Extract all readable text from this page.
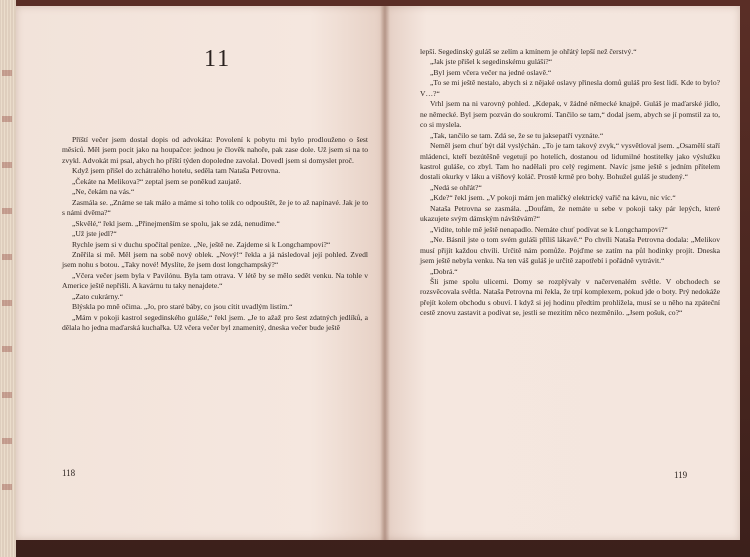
11

Příští večer jsem dostal dopis od advokáta: Povolení k pobytu mi bylo prodlouženo o šest měsíců. Měl jsem pocit jako na houpačce: jednou je člověk nahoře, pak zase dole. Už jsem si na to zvykl. Advokát mi psal, abych ho příští týden dopoledne zavolal. Dovedl jsem si domyslet proč.

Když jsem přišel do zchátralého hotelu, seděla tam Nataša Petrovna.

„Čekáte na Melikova?“ zeptal jsem se poněkud zaujatě.

„Ne, čekám na vás.“

Zasmála se. „Známe se tak málo a máme si toho tolik co odpouštět, že je to až napínavé. Jak je to s námi dvěma?“

„Skvělé,“ řekl jsem. „Přinejmenším se spolu, jak se zdá, nenudíme.“

„Už jste jedl?“

Rychle jsem si v duchu spočítal peníze. „Ne, ještě ne. Zajdeme si k Longchampovi?“

Zněřila si mě. Měl jsem na sobě nový oblek. „Nový!“ řekla a já následoval její pohled. Zvedl jsem nohu s botou. „Taky nové! Myslíte, že jsem dost longchampský?“

„Včera večer jsem byla v Pavilónu. Byla tam otrava. V létě by se mělo sedět venku. Na tohle v Americe ještě nepřišli. A kavárnu tu taky nenajdete.“

„Zato cukrárny.“

Blýskla po mně očima. „Jo, pro staré báby, co jsou cítit uvadlým listím.“

„Mám v pokoji kastrol segedinského guláše,“ řekl jsem. „Je to ažaž pro šest zdatných jedlíků, a dělala ho jedna maďarská kuchařka. Už včera večer byl znamenitý, dneska večer bude ještě

118

lepší. Segedinský guláš se zelím a kmínem je ohřátý lepší než čerstvý.“

„Jak jste přišel k segedinskému guláši?“

„Byl jsem včera večer na jedné oslavě.“

„To se mi ještě nestalo, abych si z nějaké oslavy přinesla domů guláš pro šest lidí. Kde to bylo? V…?“

Vrhl jsem na ni varovný pohled. „Kdepak, v žádné německé knajpě. Guláš je maďarské jídlo, ne německé. Byl jsem pozván do soukromí. Tančilo se tam,“ dodal jsem, abych se jí pomstil za to, co si myslela.

„Tak, tančilo se tam. Zdá se, že se tu jaksepatří vyznáte.“

Neměl jsem chuť být dál vyslýchán. „To je tam takový zvyk,“ vysvětloval jsem. „Osamělí staří mládenci, kteří bezútěšně vegetují po hotelích, dostanou od lidumilné hostitelky jako výslužku kastrol guláše, co zbyl. Tam ho nadělali pro celý regiment. Navíc jsme ještě s jedním přítelem dostali okurky v láku a višňový koláč. Prostě krmě pro bohy. Bohužel guláš je studený.“

„Nedá se ohřát?“

„Kde?“ řekl jsem. „V pokoji mám jen maličký elektrický vařič na kávu, nic víc.“

Nataša Petrovna se zasmála. „Doufám, že nemáte u sebe v pokoji taky pár lepých, které ukazujete svým dámským návštěvám?“

„Vidíte, tohle mě ještě nenapadlo. Nemáte chuť podívat se k Longchampovi?“

„Ne. Básnil jste o tom svém guláši příliš lákavě.“ Po chvíli Nataša Petrovna dodala: „Melikov musí přijít každou chvíli. Určitě nám pomůže. Pojďme se zatím na půl hodinky projít. Dneska jsem ještě nebyla venku. Na ten váš guláš je určitě zapotřebí i pořádně vytrávit.“

„Dobrá.“

Šli jsme spolu ulicemi. Domy se rozplývaly v načervenalém světle. V obchodech se rozsvěcovala světla. Nataša Petrovna mi řekla, že trpí komplexem, pokud jde o boty. Prý nedokáže přejít kolem obchodu s obuví. I když si jej hodinu předtím prohlížela, musí se u něho na zpáteční cestě znovu zastavit a podívat se, jestli se mezitím něco nezměnilo. „Jsem pošuk, co?“

119
